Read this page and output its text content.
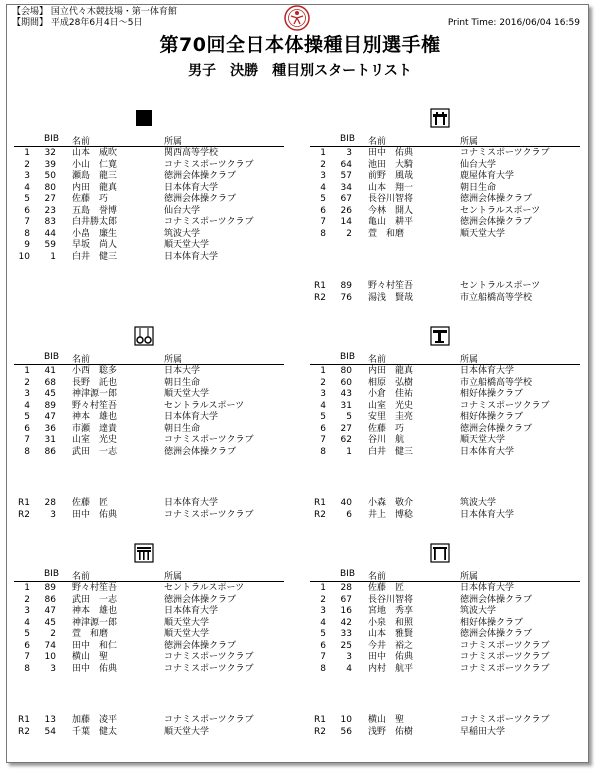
【会場】 国立代々木競技場・第一体育館
【期間】 平成28年6月4日～5日	Print Time: 2016/06/04 16:59
第70回全日本体操種目別選手権
男子　決勝　種目別スタートリスト
BIB 名前	所属
1	32 山本　威吹	関西高等学校
2	39 小山　仁寛	コナミスポーツクラブ
3	50 瀬島　龍三	徳洲会体操クラブ
4	80 内田　龍真	日本体育大学
5	27 佐藤　巧	徳洲会体操クラブ
6	23 五島　誉博	仙台大学
7	83 白井勝太郎	コナミスポーツクラブ
8	44 小畠　廉生	筑波大学
9	59 早坂　尚人	順天堂大学
10	1 白井　健三	日本体育大学
BIB 名前	所属
1	3 田中　佑典	コナミスポーツクラブ
2	64 池田　大騎	仙台大学
3	57 前野　風哉	鹿屋体育大学
4	34 山本　翔一	朝日生命
5	67 長谷川智将	徳洲会体操クラブ
6	26 今林　開人	セントラルスポーツ
7	14 亀山　耕平	徳洲会体操クラブ
8	2 萱　和磨	順天堂大学
R1	89 野々村笙吾	セントラルスポーツ
R2	76 湯浅　賢哉	市立船橋高等学校
BIB 名前	所属
1	41 小西　聡多	日本大学
2	68 長野　託也	朝日生命
3	45 神津源一郎	順天堂大学
4	89 野々村笙吾	セントラルスポーツ
5	47 神本　雄也	日本体育大学
6	36 市瀬　達貴	朝日生命
7	31 山室　光史	コナミスポーツクラブ
8	86 武田　一志	徳洲会体操クラブ
R1	28 佐藤　匠	日本体育大学
R2	3 田中　佑典	コナミスポーツクラブ
BIB 名前	所属
1	80 内田　龍真	日本体育大学
2	60 相原　弘樹	市立船橋高等学校
3	43 小倉　佳祐	相好体操クラブ
4	31 山室　光史	コナミスポーツクラブ
5	5 安里　圭亮	相好体操クラブ
6	27 佐藤　巧	徳洲会体操クラブ
7	62 谷川　航	順天堂大学
8	1 白井　健三	日本体育大学
R1	40 小森　敬介	筑波大学
R2	6 井上　博稔	日本体育大学
BIB 名前	所属
1	89 野々村笙吾	セントラルスポーツ
2	86 武田　一志	徳洲会体操クラブ
3	47 神本　雄也	日本体育大学
4	45 神津源一郎	順天堂大学
5	2 萱　和磨	順天堂大学
6	74 田中　和仁	徳洲会体操クラブ
7	10 横山　聖	コナミスポーツクラブ
8	3 田中　佑典	コナミスポーツクラブ
R1	13 加藤　凌平	コナミスポーツクラブ
R2	54 千葉　健太	順天堂大学
BIB 名前	所属
1	28 佐藤　匠	日本体育大学
2	67 長谷川智将	徳洲会体操クラブ
3	16 宮地　秀享	筑波大学
4	42 小泉　和照	相好体操クラブ
5	33 山本　雅賢	徳洲会体操クラブ
6	25 今井　裕之	コナミスポーツクラブ
7	3 田中　佑典	コナミスポーツクラブ
8	4 内村　航平	コナミスポーツクラブ
R1	10 横山　聖	コナミスポーツクラブ
R2	56 浅野　佑樹	早稲田大学
